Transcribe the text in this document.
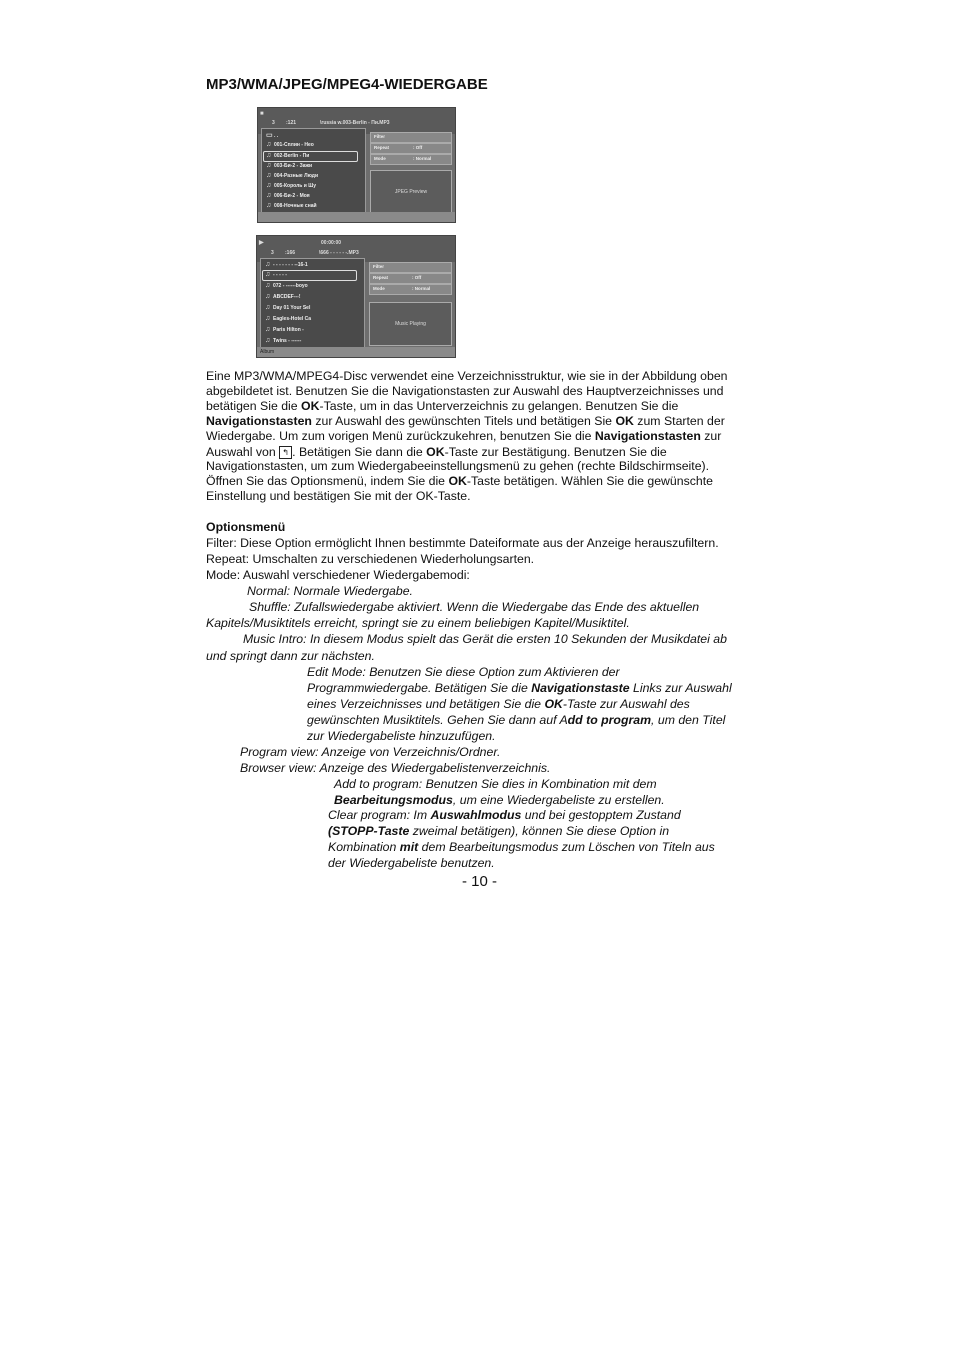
MP3/WMA/JPEG/MPEG4-WIEDERGABE
■
3 :121	\russia w.003-Berlin - Пи.MP3
▭. .
♫ 001-Сплин - Нео
♫ 002-Berlin - Пи
♫ 003-Би-2 - Зажи
♫ 004-Разные Люди
♫ 005-Король и Шу
♫ 006-Би-2 - Моя
♫ 008-Ночные снай
Filter
Repeat	: Off
Mode	: Normal
JPEG Preview
▶	00:00:00
3 :166	\666 - - - - - -.MP3
♫ - - - - - - - --16-1
♫ - - - - -
♫ 072 - ------boyo
♫ ABCDEF---!
♫ Day 01 Your Sel
♫ Eagles-Hotel Ca
♫ Paris Hilton -
♫ Twins - ------
Filter
Repeat	: Off
Mode	: Normal
Music Playing
Album
Eine MP3/WMA/MPEG4-Disc verwendet eine Verzeichnisstruktur, wie sie in der Abbildung oben
abgebildetet ist. Benutzen Sie die Navigationstasten zur Auswahl des Hauptverzeichnisses und
betätigen Sie die OK-Taste, um in das Unterverzeichnis zu gelangen. Benutzen Sie die
Navigationstasten zur Auswahl des gewünschten Titels und betätigen Sie OK zum Starten der
Wiedergabe. Um zum vorigen Menü zurückzukehren, benutzen Sie die Navigationstasten zur
Auswahl von ↰ . Betätigen Sie dann die OK-Taste zur Bestätigung. Benutzen Sie die
Navigationstasten, um zum Wiedergabeeinstellungsmenü zu gehen (rechte Bildschirmseite).
Öffnen Sie das Optionsmenü, indem Sie die OK-Taste betätigen. Wählen Sie die gewünschte
Einstellung und bestätigen Sie mit der OK-Taste.
Optionsmenü
Filter: Diese Option ermöglicht Ihnen bestimmte Dateiformate aus der Anzeige herauszufiltern.
Repeat: Umschalten zu verschiedenen Wiederholungsarten.
Mode: Auswahl verschiedener Wiedergabemodi:
Normal: Normale Wiedergabe.
Shuffle: Zufallswiedergabe aktiviert. Wenn die Wiedergabe das Ende des aktuellen
Kapitels/Musiktitels erreicht, springt sie zu einem beliebigen Kapitel/Musiktitel.
Music Intro: In diesem Modus spielt das Gerät die ersten 10 Sekunden der Musikdatei ab
und springt dann zur nächsten.
Edit Mode: Benutzen Sie diese Option zum Aktivieren der
Programmwiedergabe. Betätigen Sie die Navigationstaste Links zur Auswahl
eines Verzeichnisses und betätigen Sie die OK-Taste zur Auswahl des
gewünschten Musiktitels. Gehen Sie dann auf Add to program, um den Titel
zur Wiedergabeliste hinzuzufügen.
Program view: Anzeige von Verzeichnis/Ordner.
Browser view: Anzeige des Wiedergabelistenverzeichnis.
Add to program: Benutzen Sie dies in Kombination mit dem
Bearbeitungsmodus, um eine Wiedergabeliste zu erstellen.
Clear program: Im Auswahlmodus und bei gestopptem Zustand
(STOPP-Taste zweimal betätigen), können Sie diese Option in
Kombination mit dem Bearbeitungsmodus zum Löschen von Titeln aus
der Wiedergabeliste benutzen.
- 10 -
